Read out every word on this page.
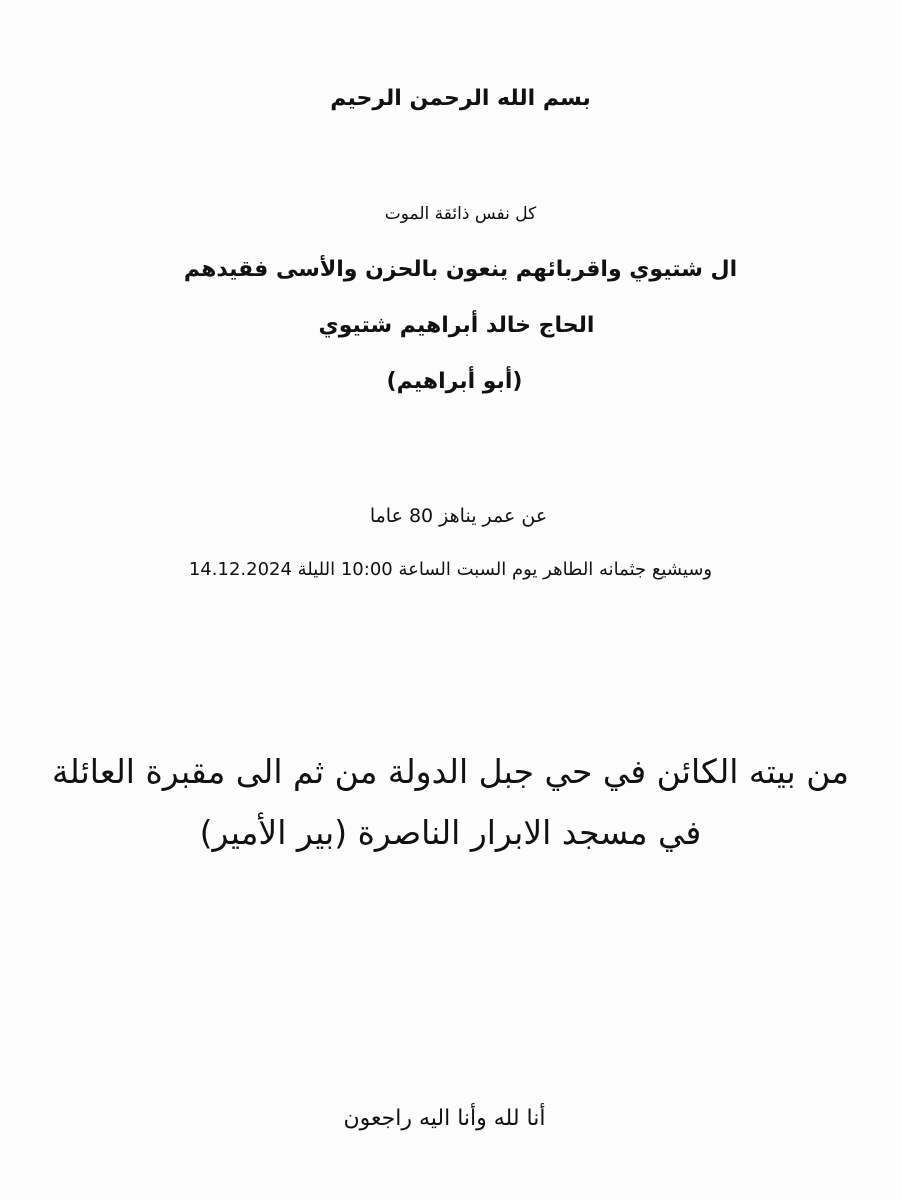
بسم الله الرحمن الرحيم
كل نفس ذائقة الموت
ال شتيوي واقربائهم ينعون بالحزن والأسى فقيدهم
الحاج خالد أبراهيم شتيوي
(أبو أبراهيم)
عن عمر يناهز 80 عاما
وسيشيع جثمانه الطاهر يوم السبت الساعة 10:00 الليلة 14.12.2024
من بيته الكائن في حي جبل الدولة من ثم الى مقبرة العائلة
في مسجد الابرار الناصرة (بير الأمير)
أنا لله وأنا اليه راجعون
